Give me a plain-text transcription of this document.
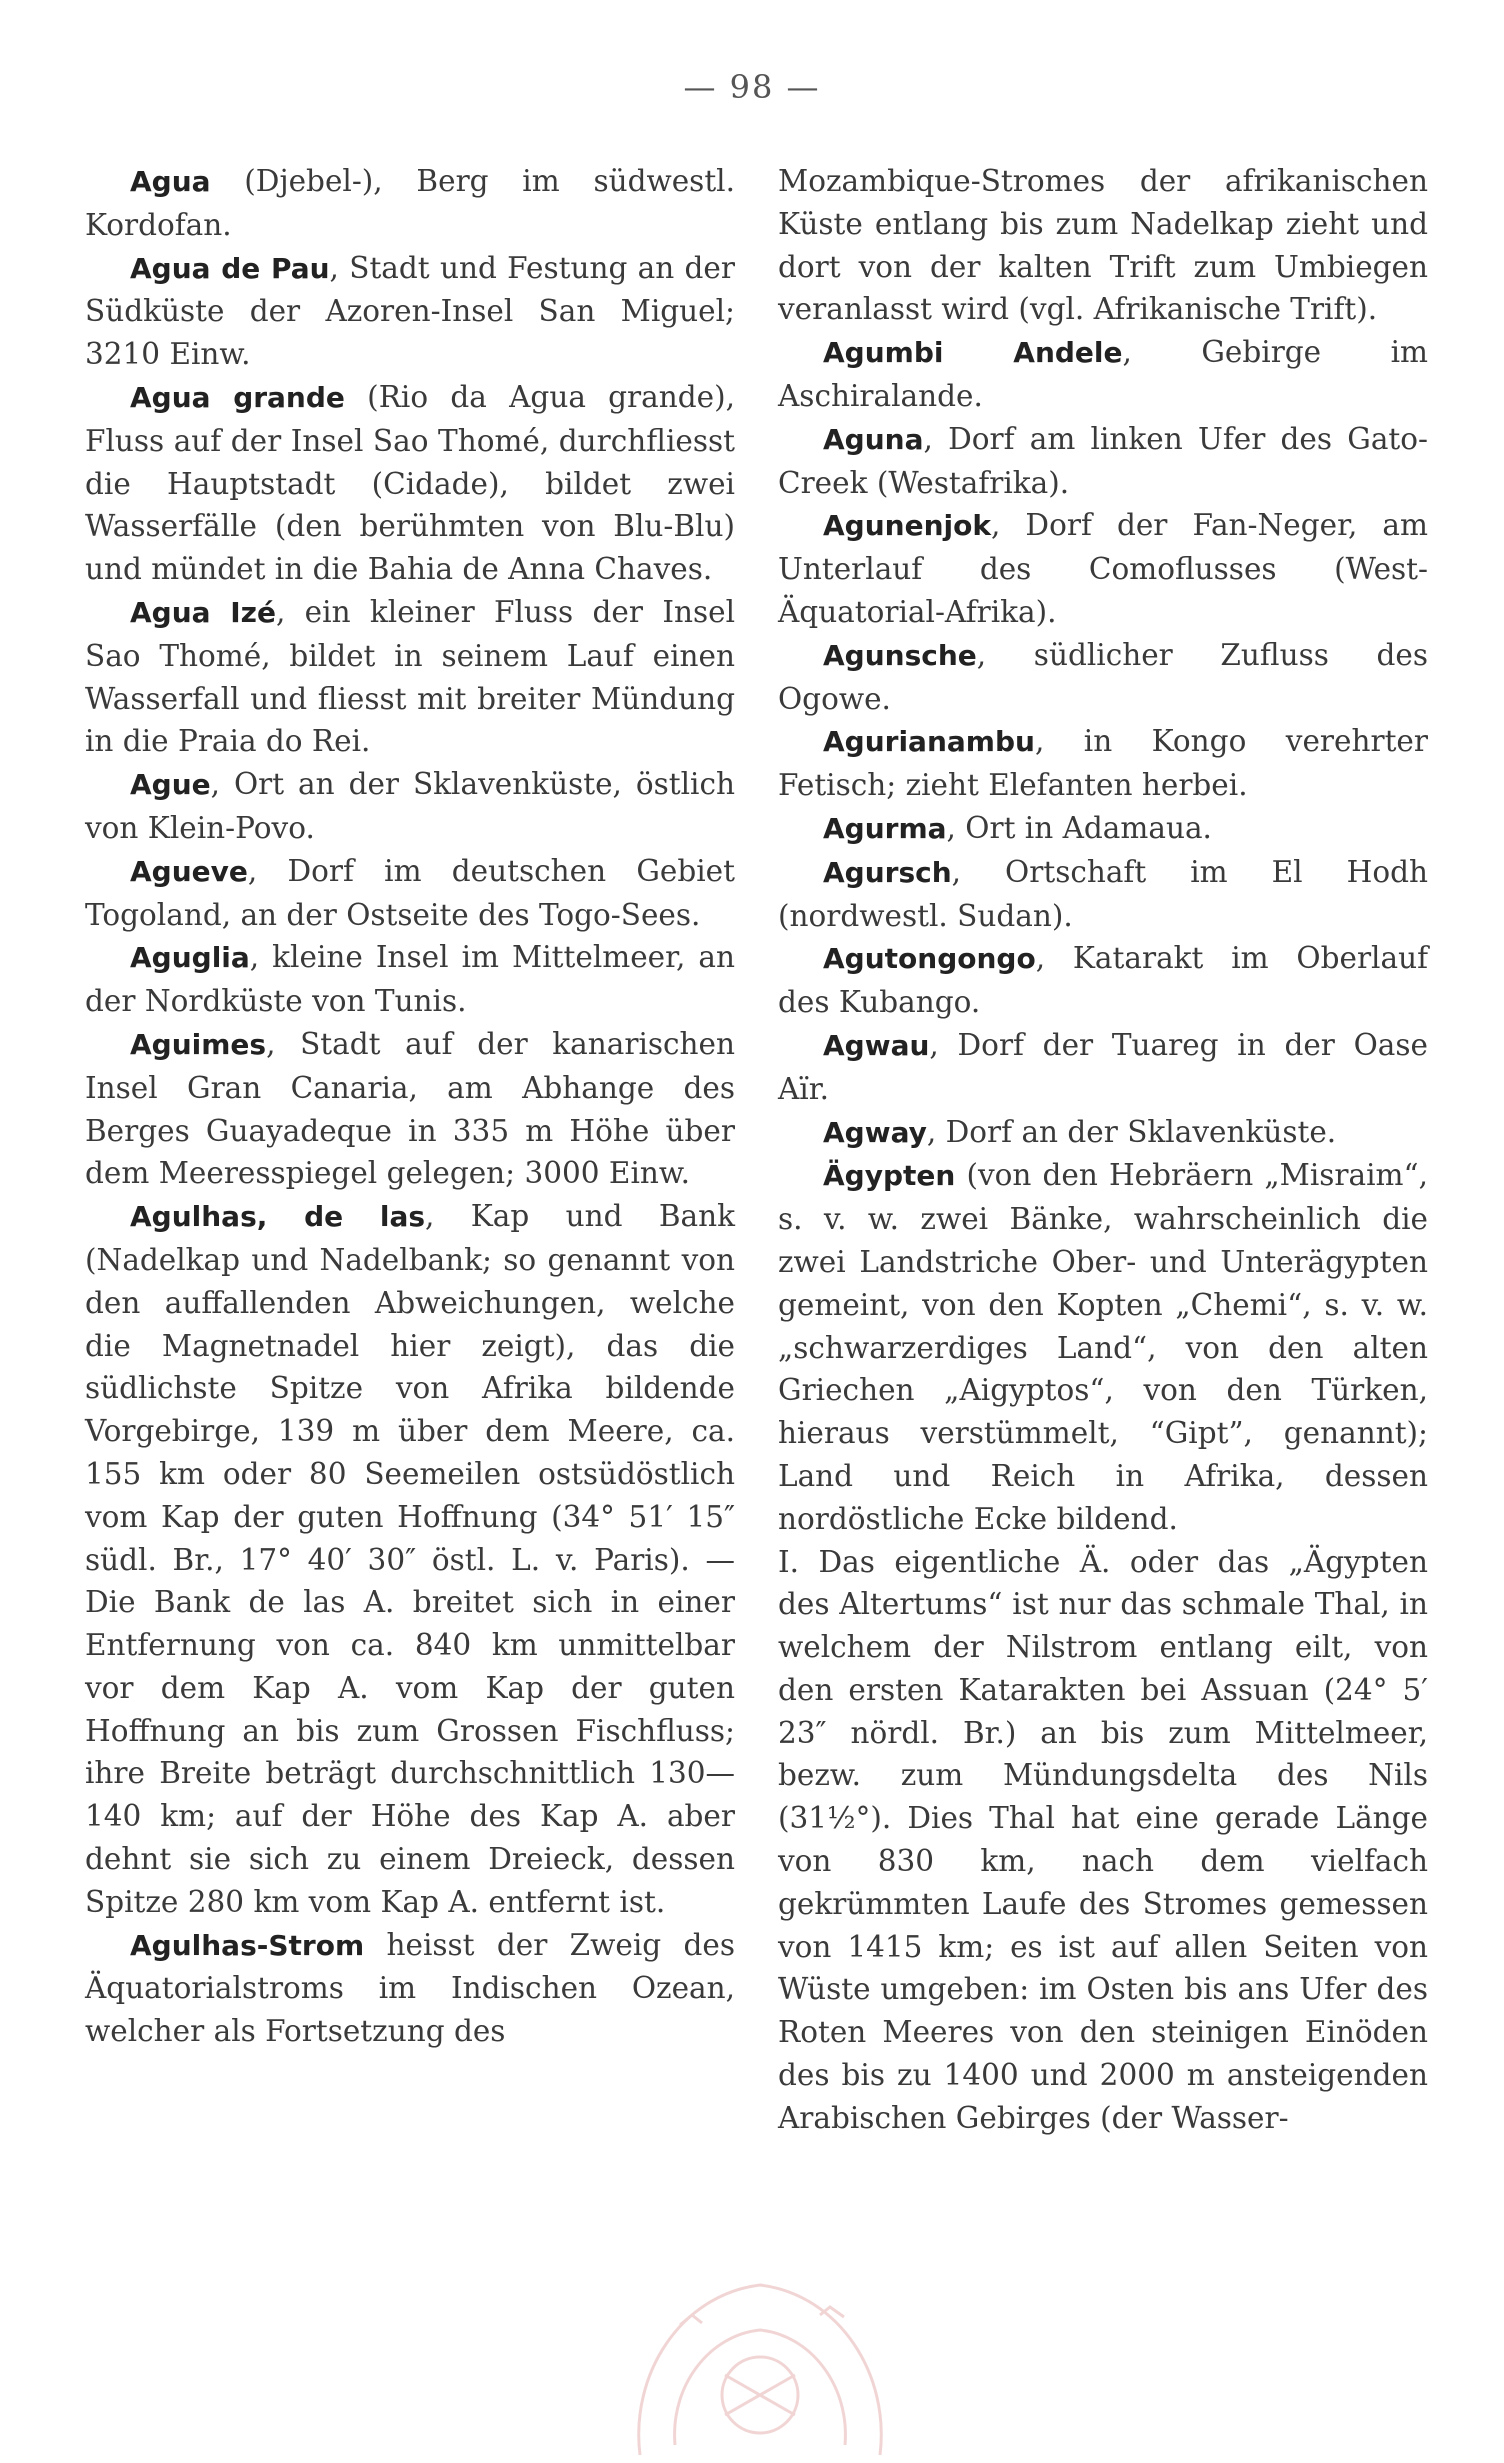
— 98 —

Agua (Djebel-), Berg im südwestl. Kordofan.

Agua de Pau, Stadt und Festung an der Südküste der Azoren-Insel San Miguel; 3210 Einw.

Agua grande (Rio da Agua grande), Fluss auf der Insel Sao Thomé, durchfliesst die Hauptstadt (Cidade), bildet zwei Wasserfälle (den berühmten von Blu-Blu) und mündet in die Bahia de Anna Chaves.

Agua Izé, ein kleiner Fluss der Insel Sao Thomé, bildet in seinem Lauf einen Wasserfall und fliesst mit breiter Mündung in die Praia do Rei.

Ague, Ort an der Sklavenküste, östlich von Klein-Povo.

Agueve, Dorf im deutschen Gebiet Togoland, an der Ostseite des Togo-Sees.

Aguglia, kleine Insel im Mittelmeer, an der Nordküste von Tunis.

Aguimes, Stadt auf der kanarischen Insel Gran Canaria, am Abhange des Berges Guayadeque in 335 m Höhe über dem Meeresspiegel gelegen; 3000 Einw.

Agulhas, de las, Kap und Bank (Nadelkap und Nadelbank; so genannt von den auffallenden Abweichungen, welche die Magnetnadel hier zeigt), das die südlichste Spitze von Afrika bildende Vorgebirge, 139 m über dem Meere, ca. 155 km oder 80 Seemeilen ostsüdöstlich vom Kap der guten Hoffnung (34° 51′ 15″ südl. Br., 17° 40′ 30″ östl. L. v. Paris). — Die Bank de las A. breitet sich in einer Entfernung von ca. 840 km unmittelbar vor dem Kap A. vom Kap der guten Hoffnung an bis zum Grossen Fischfluss; ihre Breite beträgt durchschnittlich 130—140 km; auf der Höhe des Kap A. aber dehnt sie sich zu einem Dreieck, dessen Spitze 280 km vom Kap A. entfernt ist.

Agulhas-Strom heisst der Zweig des Äquatorialstroms im Indischen Ozean, welcher als Fortsetzung des

Mozambique-Stromes der afrikanischen Küste entlang bis zum Nadelkap zieht und dort von der kalten Trift zum Umbiegen veranlasst wird (vgl. Afrikanische Trift).

Agumbi Andele, Gebirge im Aschiralande.

Aguna, Dorf am linken Ufer des Gato-Creek (Westafrika).

Agunenjok, Dorf der Fan-Neger, am Unterlauf des Comoflusses (West-Äquatorial-Afrika).

Agunsche, südlicher Zufluss des Ogowe.

Agurianambu, in Kongo verehrter Fetisch; zieht Elefanten herbei.

Agurma, Ort in Adamaua.

Agursch, Ortschaft im El Hodh (nordwestl. Sudan).

Agutongongo, Katarakt im Oberlauf des Kubango.

Agwau, Dorf der Tuareg in der Oase Aïr.

Agway, Dorf an der Sklavenküste.

Ägypten (von den Hebräern „Misraim“, s. v. w. zwei Bänke, wahrscheinlich die zwei Landstriche Ober- und Unterägypten gemeint, von den Kopten „Chemi“, s. v. w. „schwarzerdiges Land“, von den alten Griechen „Aigyptos“, von den Türken, hieraus verstümmelt, “Gipt”, genannt); Land und Reich in Afrika, dessen nordöstliche Ecke bildend.

I. Das eigentliche Ä. oder das „Ägypten des Altertums“ ist nur das schmale Thal, in welchem der Nilstrom entlang eilt, von den ersten Katarakten bei Assuan (24° 5′ 23″ nördl. Br.) an bis zum Mittelmeer, bezw. zum Mündungsdelta des Nils (31½°). Dies Thal hat eine gerade Länge von 830 km, nach dem vielfach gekrümmten Laufe des Stromes gemessen von 1415 km; es ist auf allen Seiten von Wüste umgeben: im Osten bis ans Ufer des Roten Meeres von den steinigen Einöden des bis zu 1400 und 2000 m ansteigenden Arabischen Gebirges (der Wasser-
